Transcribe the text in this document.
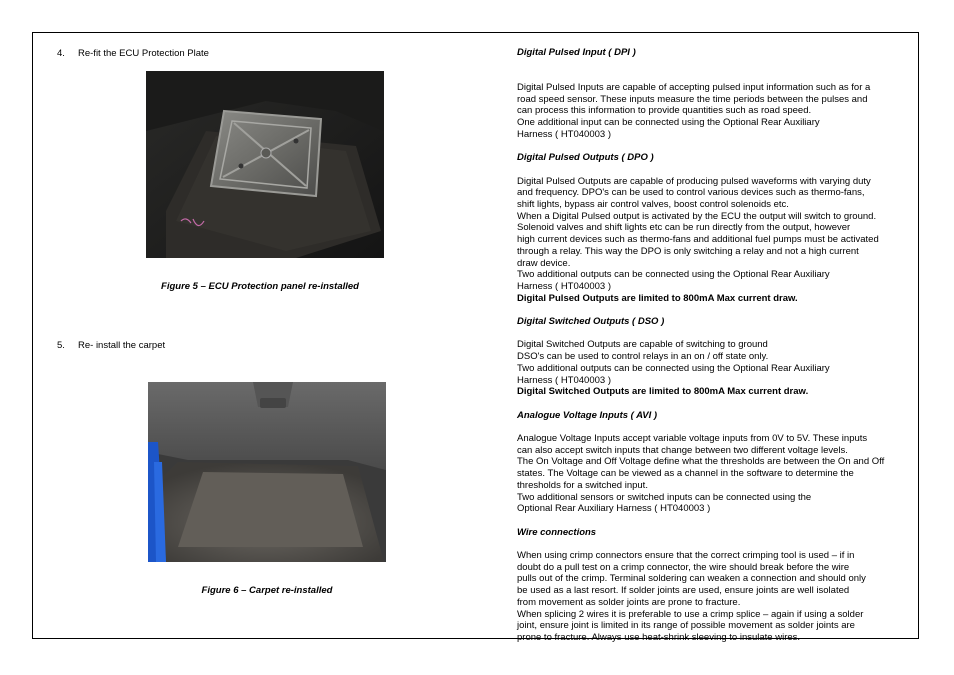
4. Re-fit the ECU Protection Plate
Figure 5 – ECU Protection panel re-installed
5. Re- install the carpet
Figure 6 – Carpet re-installed
Digital Pulsed Input ( DPI )
Digital Pulsed Inputs are capable of accepting pulsed input information such as for a
road speed sensor. These inputs measure the time periods between the pulses and
can process this information to provide quantities such as road speed.
One additional input can be connected using the Optional Rear Auxiliary
Harness ( HT040003 )
Digital Pulsed Outputs ( DPO )
Digital Pulsed Outputs are capable of producing pulsed waveforms with varying duty
and frequency. DPO's can be used to control various devices such as thermo-fans,
shift lights, bypass air control valves, boost control solenoids etc.
When a Digital Pulsed output is activated by the ECU the output will switch to ground.
Solenoid valves and shift lights etc can be run directly from the output, however
high current devices such as thermo-fans and additional fuel pumps must be activated
through a relay. This way the DPO is only switching a relay and not a high current
draw device.
Two additional outputs can be connected using the Optional Rear Auxiliary
Harness ( HT040003 )
Digital Pulsed Outputs are limited to 800mA Max current draw.
Digital Switched Outputs ( DSO )
Digital Switched Outputs are capable of switching to ground
DSO's can be used to control relays in an on / off state only.
Two additional outputs can be connected using the Optional Rear Auxiliary
Harness ( HT040003 )
Digital Switched Outputs are limited to 800mA Max current draw.
Analogue Voltage Inputs ( AVI )
Analogue Voltage Inputs accept variable voltage inputs from 0V to 5V. These inputs
can also accept switch inputs that change between two different voltage levels.
The On Voltage and Off Voltage define what the thresholds are between the On and Off
states. The Voltage can be viewed as a channel in the software to determine the
thresholds for a switched input.
Two additional sensors or switched inputs can be connected using the
Optional Rear Auxiliary Harness ( HT040003 )
Wire connections
When using crimp connectors ensure that the correct crimping tool is used – if in
doubt do a pull test on a crimp connector, the wire should break before the wire
pulls out of the crimp. Terminal soldering can weaken a connection and should only
be used as a last resort. If solder joints are used, ensure joints are well isolated
from movement as solder joints are prone to fracture.
When splicing 2 wires it is preferable to use a crimp splice – again if using a solder
joint, ensure joint is limited in its range of possible movement as solder joints are
prone to fracture. Always use heat-shrink sleeving to insulate wires.
